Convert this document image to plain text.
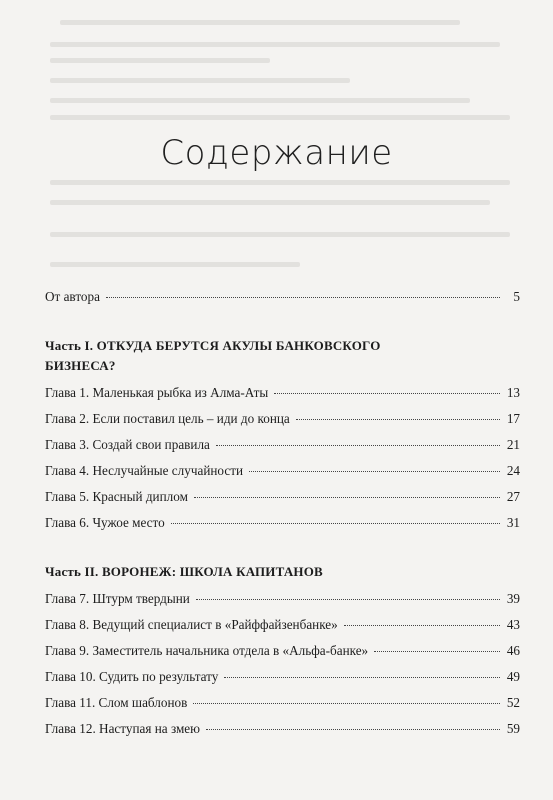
Содержание
От автора	5
Часть I. ОТКУДА БЕРУТСЯ АКУЛЫ БАНКОВСКОГО
БИЗНЕСА?
Глава 1. Маленькая рыбка из Алма-Аты	13
Глава 2. Если поставил цель – иди до конца	17
Глава 3. Создай свои правила	21
Глава 4. Неслучайные случайности	24
Глава 5. Красный диплом	27
Глава 6. Чужое место	31
Часть II. ВОРОНЕЖ: ШКОЛА КАПИТАНОВ
Глава 7. Штурм твердыни	39
Глава 8. Ведущий специалист в «Райффайзенбанке»	43
Глава 9. Заместитель начальника отдела в «Альфа-банке»	46
Глава 10. Судить по результату	49
Глава 11. Слом шаблонов	52
Глава 12. Наступая на змею	59
